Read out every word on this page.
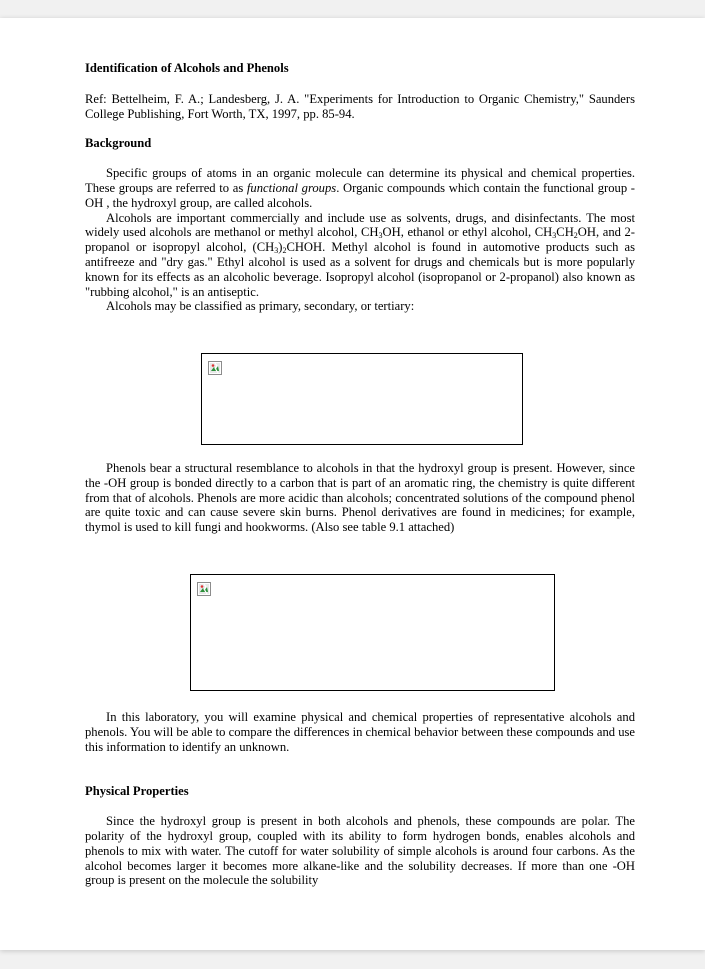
Identification of Alcohols and Phenols

Ref: Bettelheim, F. A.; Landesberg, J. A. "Experiments for Introduction to Organic Chemistry," Saunders College Publishing, Fort Worth, TX, 1997, pp. 85-94.

Background

Specific groups of atoms in an organic molecule can determine its physical and chemical properties. These groups are referred to as functional groups. Organic compounds which contain the functional group -OH , the hydroxyl group, are called alcohols.

Alcohols are important commercially and include use as solvents, drugs, and disinfectants. The most widely used alcohols are methanol or methyl alcohol, $CH_3OH$, ethanol or ethyl alcohol, $CH_3CH_2OH$, and 2-propanol or isopropyl alcohol, $(CH_3)_2CHOH$. Methyl alcohol is found in automotive products such as antifreeze and "dry gas." Ethyl alcohol is used as a solvent for drugs and chemicals but is more popularly known for its effects as an alcoholic beverage. Isopropyl alcohol (isopropanol or 2-propanol) also known as "rubbing alcohol," is an antiseptic.

Alcohols may be classified as primary, secondary, or tertiary:

Phenols bear a structural resemblance to alcohols in that the hydroxyl group is present. However, since the -OH group is bonded directly to a carbon that is part of an aromatic ring, the chemistry is quite different from that of alcohols. Phenols are more acidic than alcohols; concentrated solutions of the compound phenol are quite toxic and can cause severe skin burns. Phenol derivatives are found in medicines; for example, thymol is used to kill fungi and hookworms. (Also see table 9.1 attached)

In this laboratory, you will examine physical and chemical properties of representative alcohols and phenols. You will be able to compare the differences in chemical behavior between these compounds and use this information to identify an unknown.

Physical Properties

Since the hydroxyl group is present in both alcohols and phenols, these compounds are polar. The polarity of the hydroxyl group, coupled with its ability to form hydrogen bonds, enables alcohols and phenols to mix with water. The cutoff for water solubility of simple alcohols is around four carbons. As the alcohol becomes larger it becomes more alkane-like and the solubility decreases. If more than one -OH group is present on the molecule the solubility
